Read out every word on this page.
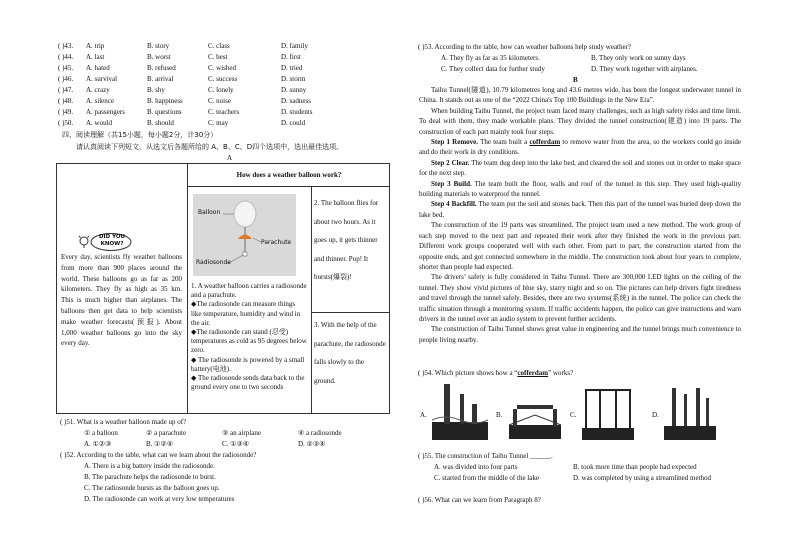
( )43.	A. trip	B. story	C. class	D. family
( )44.	A. last	B. worst	C. best	D. first
( )45.	A. hated	B. refused	C. wished	D. tried
( )46.	A. survival	B. arrival	C. success	D. storm
( )47.	A. crazy	B. shy	C. lonely	D. sunny
( )48.	A. silence	B. happiness	C. noise	D. sadness
( )49.	A. passengers	B. questions	C. teachers	D. students
( )50.	A. would	B. should	C. may	D. could
四、阅读理解（共15小题，每小题2分，计30分）
请认真阅读下列短文，从选文后各题所给的 A、B、C、D四个选项中，选出最佳选项。
A
How does a weather balloon work?
DID YOU
KNOW?
Every day, scientists fly weather balloons from more than 900 places around the world. These balloons go as far as 200 kilometers. They fly as high as 35 km. This is much higher than airplanes. The balloons then get data to help scientists make weather forecasts(预报). About 1,000 weather balloons go into the sky every day.
Balloon
Parachute
Radiosonde
1. A weather balloon carries a radiosonde and a parachute.
◆The radiosonde can measure things like temperature, humidity and wind in the air.
◆The radiosonde can stand (忍受) temperatures as cold as 95 degrees below zero.
◆ The radiosonde is powered by a small battery(电池).
◆ The radiosonde sends data back to the ground every one to two seconds
2. The balloon flies for about two hours. As it goes up, it gets thinner and thinner. Pop! It bursts(爆裂)!
3. With the help of the parachute, the radiosonde falls slowly to the ground.
( )51. What is a weather balloon made up of?
① a balloon	② a parachute	③ an airplane	④ a radiosonde
A. ①②③	B. ①②④	C. ①③④	D. ②③④
( )52. According to the table, what can we learn about the radiosonde?
A. There is a big battery inside the radiosonde.
B. The parachute helps the radiosonde to burst.
C. The radiosonde bursts as the balloon goes up.
D. The radiosonde can work at very low temperatures
( )53. According to the table, how can weather balloons help study weather?
A. They fly as far as 35 kilometers.	B. They only work on sunny days
C. They collect data for further study	D. They work together with airplanes.
B

Taihu Tunnel(隧道), 10.79 kilometres long and 43.6 metres wide, has been the longest underwater tunnel in China. It stands out as one of the “2022 China's Top 100 Buildings in the New Era”.

When building Taihu Tunnel, the project team faced many challenges, such as high safety risks and time limit. To deal with them, they made workable plans. They divided the tunnel construction(建造) into 19 parts. The construction of each part mainly took four steps.

Step 1 Remove. The team built a cofferdam to remove water from the area, so the workers could go inside and do their work in dry conditions.

Step 2 Clear. The team dug deep into the lake bed, and cleared the soil and stones out in order to make space for the next step.

Step 3 Build. The team built the floor, walls and roof of the tunnel in this step. They used high-quality building materials to waterproof the tunnel.

Step 4 Backfill. The team put the soil and stones back. Then this part of the tunnel was buried deep down the lake bed.

The construction of the 19 parts was streamlined. The project team used a new method. The work group of each step moved to the next part and repeated their work after they finished the work in the previous part. Different work groups cooperated well with each other. From part to part, the construction started from the opposite ends, and got connected somewhere in the middle. The construction took about four years to complete, shorter than people had expected.

The drivers’ safety is fully considered in Taihu Tunnel. There are 300,000 LED lights on the ceiling of the tunnel. They show vivid pictures of blue sky, starry night and so on. The pictures can help drivers fight tiredness and travel through the tunnel safely. Besides, there are two systems(系统) in the tunnel. The police can check the traffic situation through a monitoring system. If traffic accidents happen, the police can give instructions and warn drivers in the tunnel over an audio system to prevent further accidents.

The construction of Taihu Tunnel shows great value in engineering and the tunnel brings much convenience to people living nearby.

( )54. Which picture shows how a “cofferdam” works?
A.	B.	C.	D.
( )55. The construction of Taihu Tunnel ______.
A. was divided into four parts	B. took more time than people had expected
C. started from the middle of the lake	D. was completed by using a streamlined method
( )56. What can we learn from Paragraph 8?
